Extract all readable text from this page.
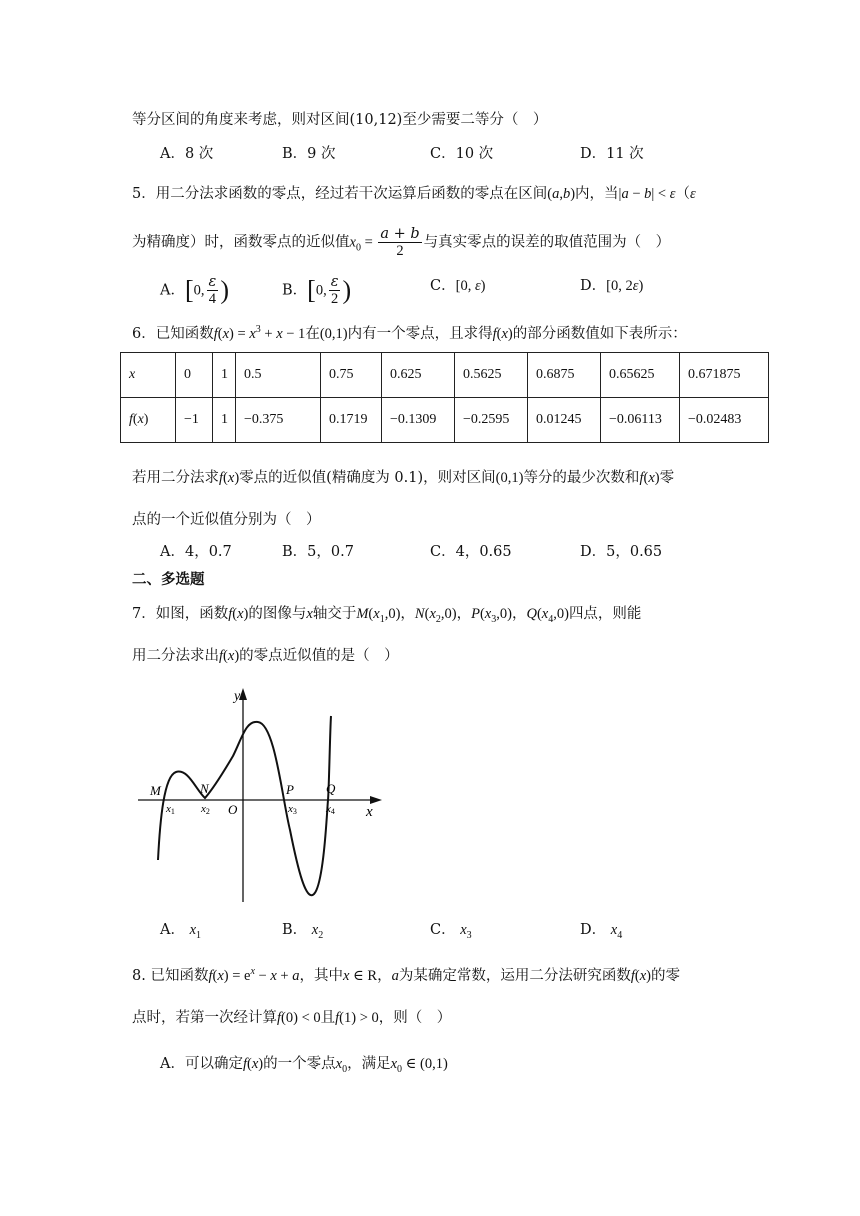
等分区间的角度来考虑，则对区间(10,12)至少需要二等分（　）
A．8 次	B．9 次	C．10 次	D．11 次
5．用二分法求函数的零点，经过若干次运算后函数的零点在区间(a,b)内，当|a − b| < ε（ε
为精确度）时，函数零点的近似值$x_0 = \frac{a + b}{2}$ 与真实零点的误差的取值范围为（　）
A．[0, $\frac{\varepsilon}{4}$ )	B．[0, $\frac{\varepsilon}{2}$ )	C．[0, ε)	D．[0, 2ε)
6．已知函数$f(x) = x^3 + x - 1$在(0,1)内有一个零点，且求得f(x)的部分函数值如下表所示：
x	0	1	0.5	0.75	0.625	0.5625	0.6875	0.65625	0.671875
f(x)	−1	1	−0.375	0.1719	−0.1309	−0.2595	0.01245	−0.06113	−0.02483
若用二分法求f(x)零点的近似值(精确度为 0.1)，则对区间(0,1)等分的最少次数和f(x)零
点的一个近似值分别为（　）
A．4，0.7	B．5，0.7	C．4，0.65	D．5，0.65
二、多选题
7．如图，函数f(x)的图像与x轴交于$M(x_1,0)$，$N(x_2,0)$，$P(x_3,0)$，$Q(x_4,0)$四点，则能
用二分法求出f(x)的零点近似值的是（　）
y
x
O
M	N	P Q
x1 x2	x3	x4
A． $x_1$	B． $x_2$	C． $x_3$	D． $x_4$
8. 已知函数$f(x) = e^x - x + a$，其中x ∈ R，a为某确定常数，运用二分法研究函数f(x)的零
点时，若第一次经计算f(0) < 0且f(1) > 0，则（　）
A．可以确定f(x)的一个零点$x_0$，满足$x_0$ ∈ (0,1)
